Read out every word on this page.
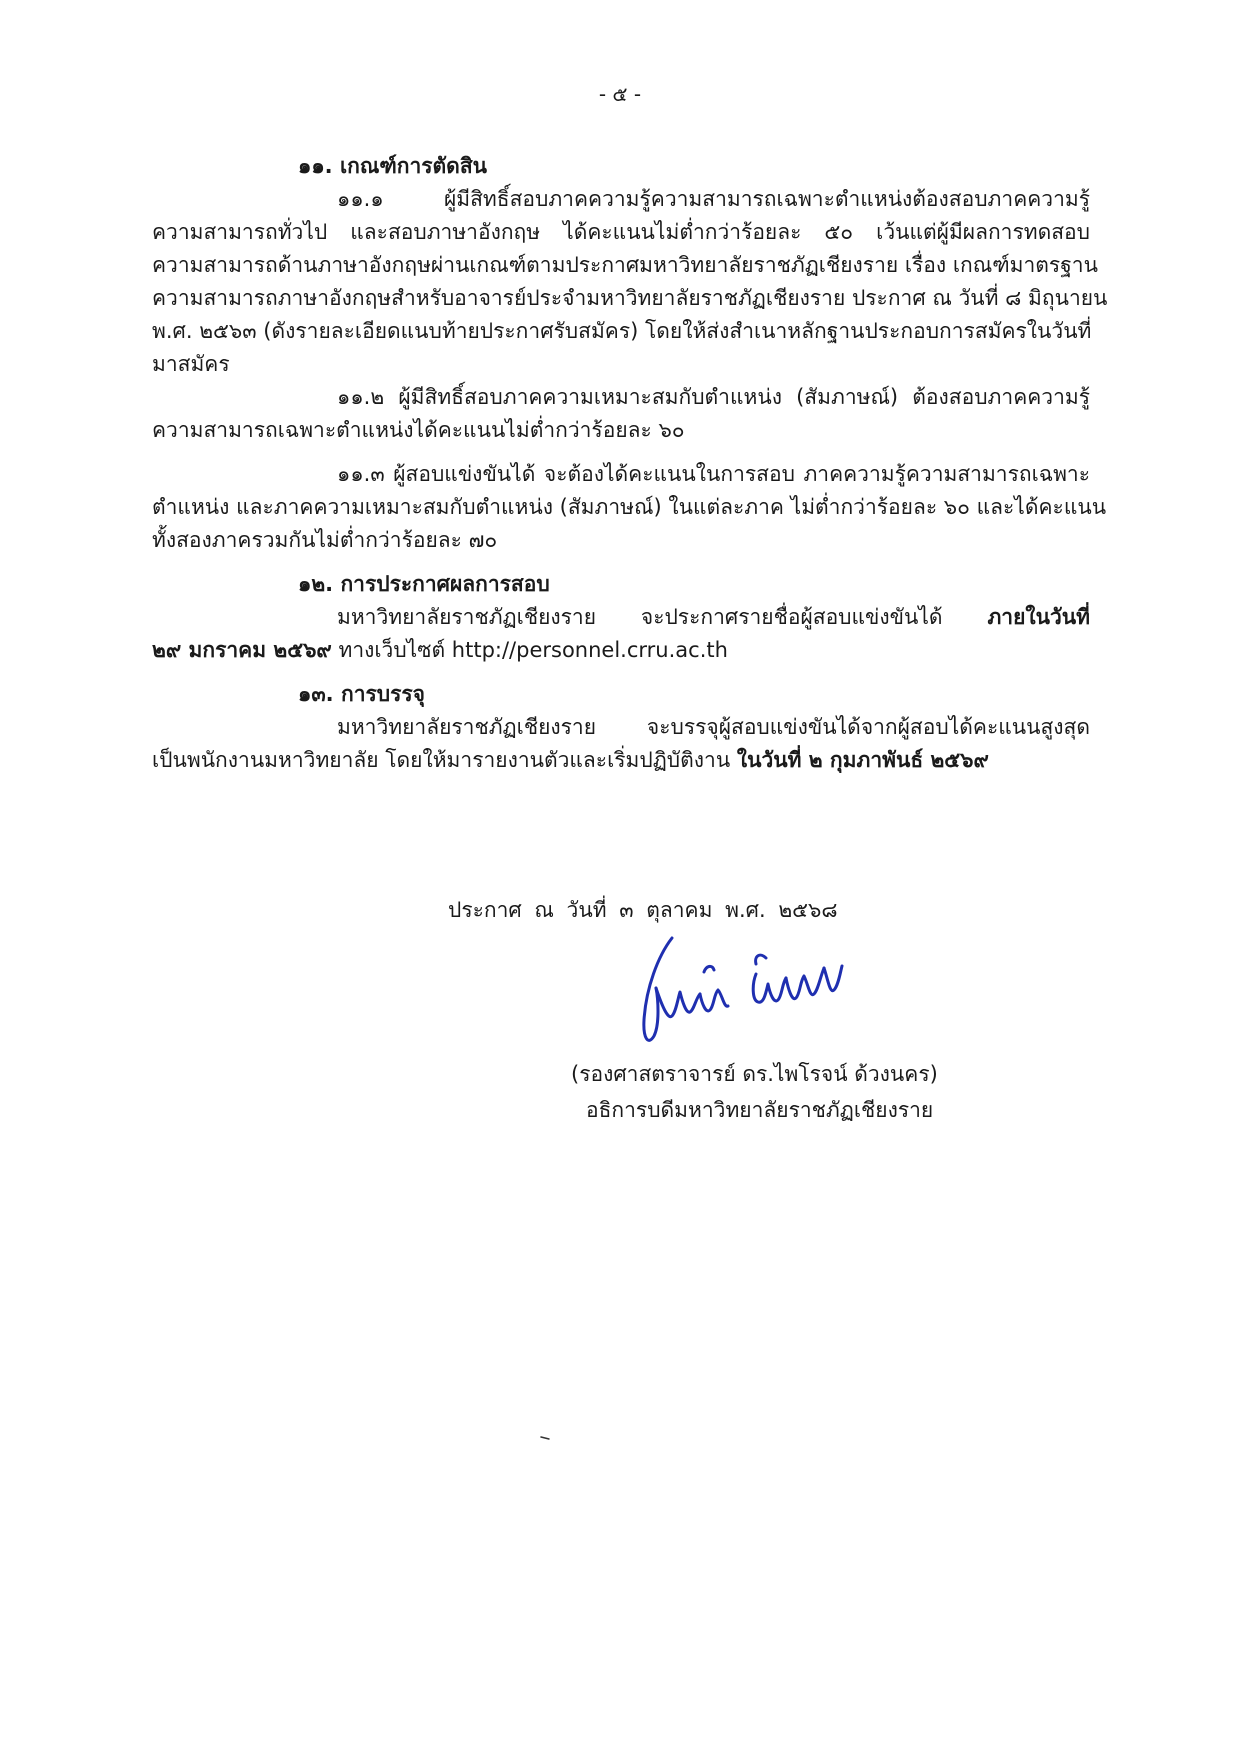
- ๕ -
๑๑. เกณฑ์การตัดสิน
๑๑.๑ ผู้มีสิทธิ์สอบภาคความรู้ความสามารถเฉพาะตำแหน่งต้องสอบภาคความรู้
ความสามารถทั่วไป และสอบภาษาอังกฤษ ได้คะแนนไม่ต่ำกว่าร้อยละ ๕๐ เว้นแต่ผู้มีผลการทดสอบ
ความสามารถด้านภาษาอังกฤษผ่านเกณฑ์ตามประกาศมหาวิทยาลัยราชภัฏเชียงราย เรื่อง เกณฑ์มาตรฐาน
ความสามารถภาษาอังกฤษสำหรับอาจารย์ประจำมหาวิทยาลัยราชภัฏเชียงราย ประกาศ ณ วันที่ ๘ มิถุนายน
พ.ศ. ๒๕๖๓ (ดังรายละเอียดแนบท้ายประกาศรับสมัคร) โดยให้ส่งสำเนาหลักฐานประกอบการสมัครในวันที่
มาสมัคร
๑๑.๒ ผู้มีสิทธิ์สอบภาคความเหมาะสมกับตำแหน่ง (สัมภาษณ์) ต้องสอบภาคความรู้
ความสามารถเฉพาะตำแหน่งได้คะแนนไม่ต่ำกว่าร้อยละ ๖๐
๑๑.๓ ผู้สอบแข่งขันได้ จะต้องได้คะแนนในการสอบ ภาคความรู้ความสามารถเฉพาะ
ตำแหน่ง และภาคความเหมาะสมกับตำแหน่ง (สัมภาษณ์) ในแต่ละภาค ไม่ต่ำกว่าร้อยละ ๖๐ และได้คะแนน
ทั้งสองภาครวมกันไม่ต่ำกว่าร้อยละ ๗๐
๑๒. การประกาศผลการสอบ
มหาวิทยาลัยราชภัฏเชียงราย จะประกาศรายชื่อผู้สอบแข่งขันได้ ภายในวันที่
๒๙ มกราคม ๒๕๖๙ ทางเว็บไซต์ http://personnel.crru.ac.th
๑๓. การบรรจุ
มหาวิทยาลัยราชภัฏเชียงราย จะบรรจุผู้สอบแข่งขันได้จากผู้สอบได้คะแนนสูงสุด
เป็นพนักงานมหาวิทยาลัย โดยให้มารายงานตัวและเริ่มปฏิบัติงาน ในวันที่ ๒ กุมภาพันธ์ ๒๕๖๙
ประกาศ ณ วันที่ ๓ ตุลาคม พ.ศ. ๒๕๖๘
(รองศาสตราจารย์ ดร.ไพโรจน์ ด้วงนคร)
อธิการบดีมหาวิทยาลัยราชภัฏเชียงราย
